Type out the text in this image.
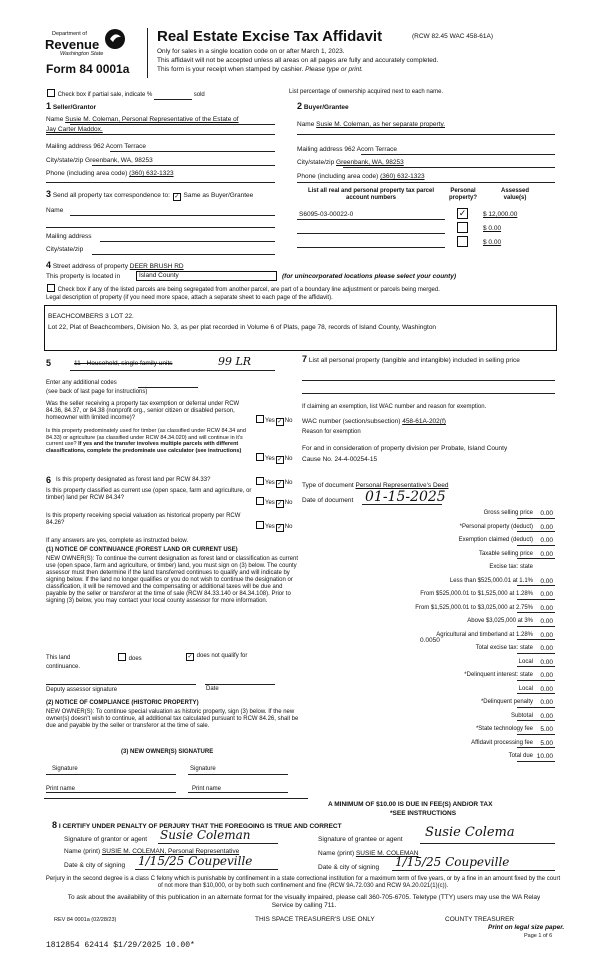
Department of
Revenue
Washington State
Form 84 0001a
Real Estate Excise Tax Affidavit	(RCW 82.45 WAC 458-61A)
Only for sales in a single location code on or after March 1, 2023.
This affidavit will not be accepted unless all areas on all pages are fully and accurately completed.
This form is your receipt when stamped by cashier. Please type or print.
Check box if partial sale, indicate %	sold	List percentage of ownership acquired next to each name.
1 Seller/Grantor
Name Susie M. Coleman, Personal Representative of the Estate of
Jay Carter Maddox.
Mailing address 962 Acorn Terrace
City/state/zip Greenbank, WA, 98253
Phone (including area code) (360) 632-1323
2 Buyer/Grantee
Name Susie M. Coleman, as her separate property.
Mailing address 962 Acorn Terrace
City/state/zip Greenbank, WA, 98253
Phone (including area code) (360) 632-1323
3 Send all property tax correspondence to: ✓ Same as Buyer/Grantee
Name
Mailing address
City/state/zip
List all real and personal property tax parcel account numbers
Personal property?
Assessed value(s)
S6095-03-00022-0	✓	$ 12,000.00
$ 0.00
$ 0.00
4 Street address of property DEER BRUSH RD
This property is located in	Island County	(for unincorporated locations please select your county)
Check box if any of the listed parcels are being segregated from another parcel, are part of a boundary line adjustment or parcels being merged.
Legal description of property (if you need more space, attach a separate sheet to each page of the affidavit).
BEACHCOMBERS 3 LOT 22.
Lot 22, Plat of Beachcombers, Division No. 3, as per plat recorded in Volume 6 of Plats, page 78, records of Island County, Washington
5	11 - Household, single family units	99 LR
Enter any additional codes
(see back of last page for instructions)
Was the seller receiving a property tax exemption or deferral under RCW 84.36, 84.37, or 84.38 (nonprofit org., senior citizen or disabled person, homeowner with limited income)?	Yes ✓ No
Is this property predominately used for timber (as classified under RCW 84.34 and 84.33) or agriculture (as classified under RCW 84.34.020) and will continue in it's current use? If yes and the transfer involves multiple parcels with different classifications, complete the predominate use calculator (see instructions)
Yes ✓ No
6 Is this property designated as forest land per RCW 84.33?	Yes ✓ No
Is this property classified as current use (open space, farm and agriculture, or timber) land per RCW 84.34?
Yes ✓ No
Is this property receiving special valuation as historical property per RCW 84.26?
Yes ✓ No
If any answers are yes, complete as instructed below.
(1) NOTICE OF CONTINUANCE (FOREST LAND OR CURRENT USE)
NEW OWNER(S): To continue the current designation as forest land or classification as current use (open space, farm and agriculture, or timber) land, you must sign on (3) below. The county assessor must then determine if the land transferred continues to qualify and will indicate by signing below. If the land no longer qualifies or you do not wish to continue the designation or classification, it will be removed and the compensating or additional taxes will be due and payable by the seller or transferor at the time of sale (RCW 84.33.140 or 84.34.108). Prior to signing (3) below, you may contact your local county assessor for more information.
This land
continuance.
does	✓ does not qualify for
Deputy assessor signature	Date
(2) NOTICE OF COMPLIANCE (HISTORIC PROPERTY)
NEW OWNER(S): To continue special valuation as historic property, sign (3) below. If the new owner(s) doesn't wish to continue, all additional tax calculated pursuant to RCW 84.26, shall be due and payable by the seller or transferor at the time of sale.
(3) NEW OWNER(S) SIGNATURE
Signature	Signature
Print name	Print name
7 List all personal property (tangible and intangible) included in selling price
If claiming an exemption, list WAC number and reason for exemption.
WAC number (section/subsection) 458-61A-202(f)
Reason for exemption
For and in consideration of property division per Probate, Island County
Cause No. 24-4-00254-15
Type of document Personal Representative's Deed
Date of document 01-15-2025
Gross selling price	0.00
*Personal property (deduct)	0.00
Exemption claimed (deduct)	0.00
Taxable selling price	0.00
Excise tax: state
Less than $525,000.01 at 1.1%	0.00
From $525,000.01 to $1,525,000 at 1.28%	0.00
From $1,525,000.01 to $3,025,000 at 2.75%	0.00
Above $3,025,000 at 3%	0.00
Agricultural and timberland at 1.28%	0.00
Total excise tax: state	0.00
Local	0.00
*Delinquent interest: state	0.00
Local	0.00
*Delinquent penalty	0.00
Subtotal	0.00
*State technology fee	5.00
Affidavit processing fee	5.00
Total due 10.00
0.0050
A MINIMUM OF $10.00 IS DUE IN FEE(S) AND/OR TAX
*SEE INSTRUCTIONS
8 I CERTIFY UNDER PENALTY OF PERJURY THAT THE FOREGOING IS TRUE AND CORRECT
Signature of grantor or agent Susie Coleman
Name (print) SUSIE M. COLEMAN, Personal Representative
Date & city of signing 1/15/25 Coupeville
Signature of grantee or agent Susie Colema
Name (print) SUSIE M. COLEMAN
Date & city of signing 1/15/25 Coupeville
Perjury in the second degree is a class C felony which is punishable by confinement in a state correctional institution for a maximum term of five years, or by a fine in an amount fixed by the court of not more than $10,000, or by both such confinement and fine (RCW 9A.72.030 and RCW 9A.20.021(1)(c)).
To ask about the availability of this publication in an alternate format for the visually impaired, please call 360-705-6705. Teletype (TTY) users may use the WA Relay Service by calling 711.
REV 84 0001a (02/28/23)	THIS SPACE TREASURER'S USE ONLY	COUNTY TREASURER
Print on legal size paper.
Page 1 of 6
1812854 62414 $1/29/2025 10.00*
